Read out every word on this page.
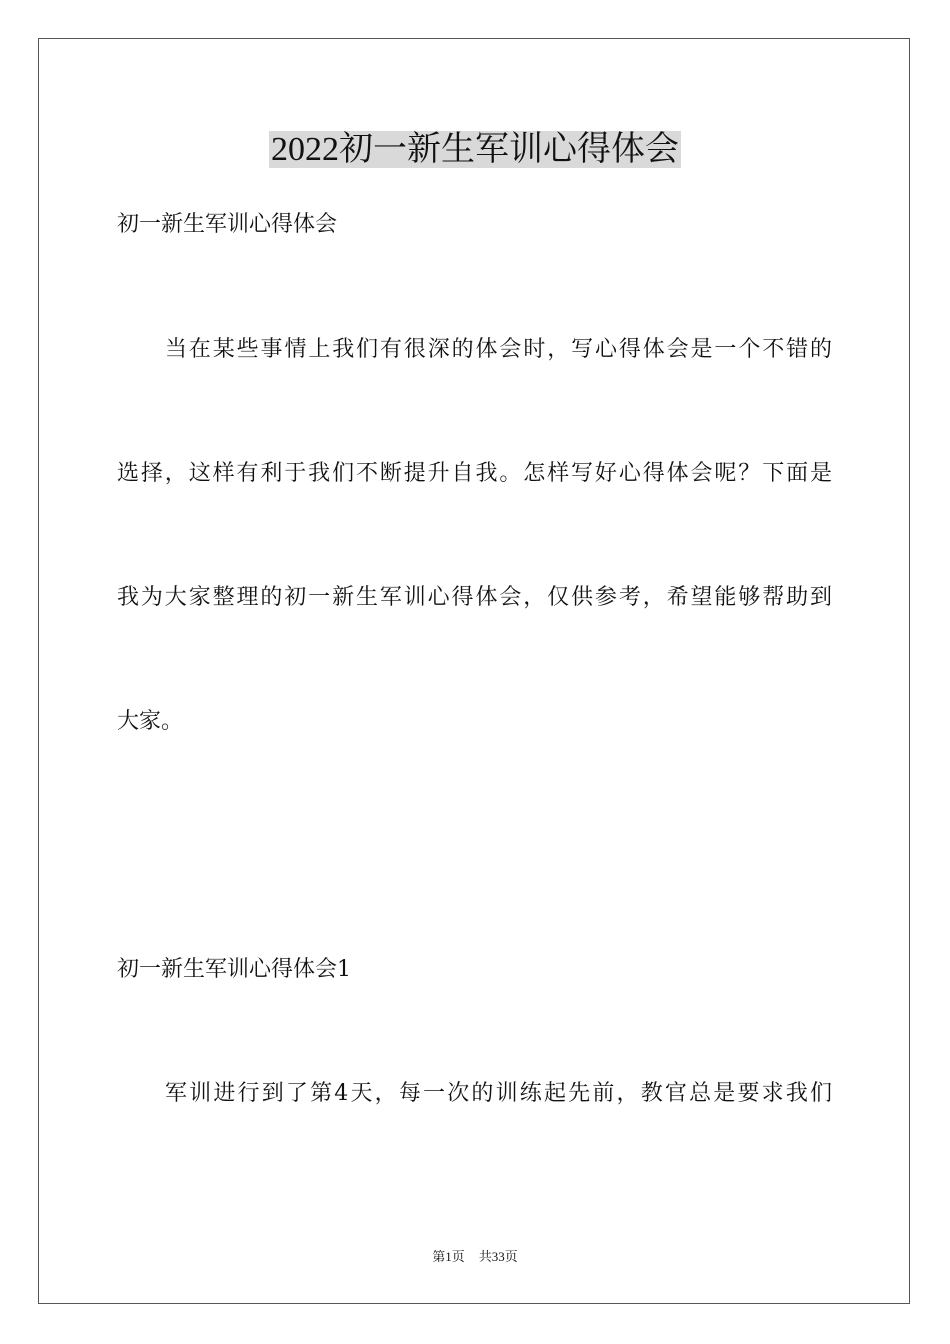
2022初一新生军训心得体会
初一新生军训心得体会
当在某些事情上我们有很深的体会时，写心得体会是一个不错的
选择，这样有利于我们不断提升自我。怎样写好心得体会呢？下面是
我为大家整理的初一新生军训心得体会，仅供参考，希望能够帮助到
大家。
初一新生军训心得体会1
军训进行到了第4天，每一次的训练起先前，教官总是要求我们
第1页 共33页
